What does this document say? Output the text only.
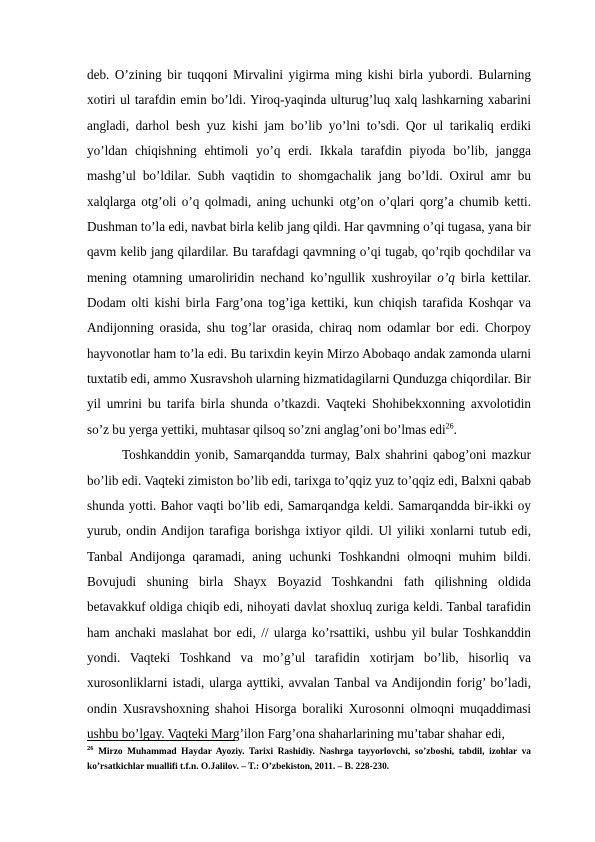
deb. O’zining bir tuqqoni Mirvalini yigirma ming kishi birla yubordi. Bularning xotiri ul tarafdin emin bo’ldi. Yiroq-yaqinda ulturug’luq xalq lashkarning xabarini angladi, darhol besh yuz kishi jam bo’lib yo’lni to’sdi. Qor ul tarikaliq erdiki yo’ldan chiqishning ehtimoli yo’q erdi. Ikkala tarafdin piyoda bo’lib, jangga mashg’ul bo’ldilar. Subh vaqtidin to shomgachalik jang bo’ldi. Oxirul amr bu xalqlarga otg’oli o’q qolmadi, aning uchunki otg’on o’qlari qorg’a chumib ketti. Dushman to’la edi, navbat birla kelib jang qildi. Har qavmning o’qi tugasa, yana bir qavm kelib jang qilardilar. Bu tarafdagi qavmning o’qi tugab, qo’rqib qochdilar va mening otamning umaroliridin nechand ko’ngullik xushroyilar o’q birla kettilar. Dodam olti kishi birla Farg’ona tog’iga kettiki, kun chiqish tarafida Koshqar va Andijonning orasida, shu tog’lar orasida, chiraq nom odamlar bor edi. Chorpoy hayvonotlar ham to’la edi. Bu tarixdin keyin Mirzo Abobaqo andak zamonda ularni tuxtatib edi, ammo Xusravshoh ularning hizmatidagilarni Qunduzga chiqordilar. Bir yil umrini bu tarifa birla shunda o’tkazdi. Vaqteki Shohibekxonning axvolotidin so’z bu yerga yettiki, muhtasar qilsoq so’zni anglag’oni bo’lmas edi$^{26}$.

Toshkanddin yonib, Samarqandda turmay, Balx shahrini qabog’oni mazkur bo’lib edi. Vaqteki zimiston bo’lib edi, tarixga to’qqiz yuz to’qqiz edi, Balxni qabab shunda yotti. Bahor vaqti bo’lib edi, Samarqandga keldi. Samarqandda bir-ikki oy yurub, ondin Andijon tarafiga borishga ixtiyor qildi. Ul yiliki xonlarni tutub edi, Tanbal Andijonga qaramadi, aning uchunki Toshkandni olmoqni muhim bildi. Bovujudi shuning birla Shayx Boyazid Toshkandni fath qilishning oldida betavakkuf oldiga chiqib edi, nihoyati davlat shoxluq zuriga keldi. Tanbal tarafidin ham anchaki maslahat bor edi, // ularga ko’rsattiki, ushbu yil bular Toshkanddin yondi. Vaqteki Toshkand va mo’g’ul tarafidin xotirjam bo’lib, hisorliq va xurosonliklarni istadi, ularga ayttiki, avvalan Tanbal va Andijondin forig’ bo’ladi, ondin Xusravshoxning shahoi Hisorga boraliki Xurosonni olmoqni muqaddimasi ushbu bo’lgay. Vaqteki Marg’ilon Farg’ona shaharlarining mu’tabar shahar edi,

$^{26}$ Mirzo Muhammad Haydar Ayoziy. Tarixi Rashidiy. Nashrga tayyorlovchi, so’zboshi, tabdil, izohlar va ko’rsatkichlar muallifi t.f.n. O.Jalilov. – T.: O’zbekiston, 2011. – B. 228-230.
